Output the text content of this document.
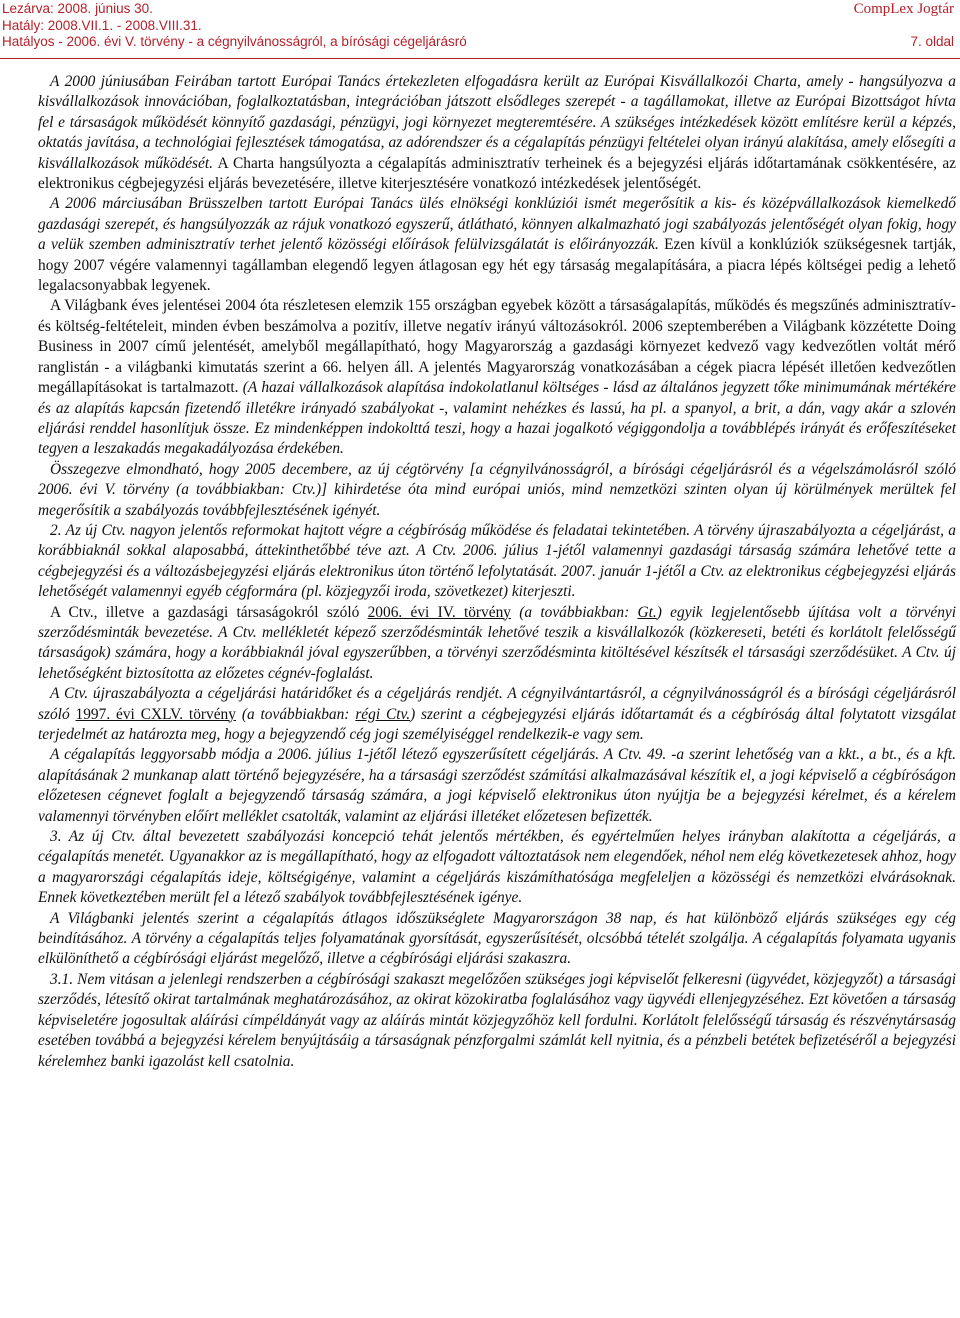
Lezárva: 2008. június 30.
Hatály: 2008.VII.1. - 2008.VIII.31.
Hatályos - 2006. évi V. törvény - a cégnyilvánosságról, a bírósági cégeljárásró
CompLex Jogtár
7. oldal

A 2000 júniusában Feirában tartott Európai Tanács értekezleten elfogadásra került az Európai Kisvállalkozói Charta, amely - hangsúlyozva a kisvállalkozások innovációban, foglalkoztatásban, integrációban játszott elsődleges szerepét - a tagállamokat, illetve az Európai Bizottságot hívta fel e társaságok működését könnyítő gazdasági, pénzügyi, jogi környezet megteremtésére. A szükséges intézkedések között említésre kerül a képzés, oktatás javítása, a technológiai fejlesztések támogatása, az adórendszer és a cégalapítás pénzügyi feltételei olyan irányú alakítása, amely elősegíti a kisvállalkozások működését. A Charta hangsúlyozta a cégalapítás adminisztratív terheinek és a bejegyzési eljárás időtartamának csökkentésére, az elektronikus cégbejegyzési eljárás bevezetésére, illetve kiterjesztésére vonatkozó intézkedések jelentőségét.

A 2006 márciusában Brüsszelben tartott Európai Tanács ülés elnökségi konklúziói ismét megerősítik a kis- és középvállalkozások kiemelkedő gazdasági szerepét, és hangsúlyozzák az rájuk vonatkozó egyszerű, átlátható, könnyen alkalmazható jogi szabályozás jelentőségét olyan fokig, hogy a velük szemben adminisztratív terhet jelentő közösségi előírások felülvizsgálatát is előirányozzák. Ezen kívül a konklúziók szükségesnek tartják, hogy 2007 végére valamennyi tagállamban elegendő legyen átlagosan egy hét egy társaság megalapítására, a piacra lépés költségei pedig a lehető legalacsonyabbak legyenek.

A Világbank éves jelentései 2004 óta részletesen elemzik 155 országban egyebek között a társaságalapítás, működés és megszűnés adminisztratív- és költség-feltételeit, minden évben beszámolva a pozitív, illetve negatív irányú változásokról. 2006 szeptemberében a Világbank közzétette Doing Business in 2007 című jelentését, amelyből megállapítható, hogy Magyarország a gazdasági környezet kedvező vagy kedvezőtlen voltát mérő ranglistán - a világbanki kimutatás szerint a 66. helyen áll. A jelentés Magyarország vonatkozásában a cégek piacra lépését illetően kedvezőtlen megállapításokat is tartalmazott. (A hazai vállalkozások alapítása indokolatlanul költséges - lásd az általános jegyzett tőke minimumának mértékére és az alapítás kapcsán fizetendő illetékre irányadó szabályokat -, valamint nehézkes és lassú, ha pl. a spanyol, a brit, a dán, vagy akár a szlovén eljárási renddel hasonlítjuk össze. Ez mindenképpen indokolttá teszi, hogy a hazai jogalkotó végiggondolja a továbblépés irányát és erőfeszítéseket tegyen a leszakadás megakadályozása érdekében.

Összegezve elmondható, hogy 2005 decembere, az új cégtörvény [a cégnyilvánosságról, a bírósági cégeljárásról és a végelszámolásról szóló 2006. évi V. törvény (a továbbiakban: Ctv.)] kihirdetése óta mind európai uniós, mind nemzetközi szinten olyan új körülmények merültek fel megerősítik a szabályozás továbbfejlesztésének igényét.

2. Az új Ctv. nagyon jelentős reformokat hajtott végre a cégbíróság működése és feladatai tekintetében. A törvény újraszabályozta a cégeljárást, a korábbiaknál sokkal alaposabbá, áttekinthetőbbé téve azt. A Ctv. 2006. július 1-jétől valamennyi gazdasági társaság számára lehetővé tette a cégbejegyzési és a változásbejegyzési eljárás elektronikus úton történő lefolytatását. 2007. január 1-jétől a Ctv. az elektronikus cégbejegyzési eljárás lehetőségét valamennyi egyéb cégformára (pl. közjegyzői iroda, szövetkezet) kiterjeszti.

A Ctv., illetve a gazdasági társaságokról szóló 2006. évi IV. törvény (a továbbiakban: Gt.) egyik legjelentősebb újítása volt a törvényi szerződésminták bevezetése. A Ctv. mellékletét képező szerződésminták lehetővé teszik a kisvállalkozók (közkereseti, betéti és korlátolt felelősségű társaságok) számára, hogy a korábbiaknál jóval egyszerűbben, a törvényi szerződésminta kitöltésével készítsék el társasági szerződésüket. A Ctv. új lehetőségként biztosította az előzetes cégnév-foglalást.

A Ctv. újraszabályozta a cégeljárási határidőket és a cégeljárás rendjét. A cégnyilvántartásról, a cégnyilvánosságról és a bírósági cégeljárásról szóló 1997. évi CXLV. törvény (a továbbiakban: régi Ctv.) szerint a cégbejegyzési eljárás időtartamát és a cégbíróság által folytatott vizsgálat terjedelmét az határozta meg, hogy a bejegyzendő cég jogi személyiséggel rendelkezik-e vagy sem.

A cégalapítás leggyorsabb módja a 2006. július 1-jétől létező egyszerűsített cégeljárás. A Ctv. 49. -a szerint lehetőség van a kkt., a bt., és a kft. alapításának 2 munkanap alatt történő bejegyzésére, ha a társasági szerződést számítási alkalmazásával készítik el, a jogi képviselő a cégbíróságon előzetesen cégnevet foglalt a bejegyzendő társaság számára, a jogi képviselő elektronikus úton nyújtja be a bejegyzési kérelmet, és a kérelem valamennyi törvényben előírt melléklet csatolták, valamint az eljárási illetéket előzetesen befizették.

3. Az új Ctv. által bevezetett szabályozási koncepció tehát jelentős mértékben, és egyértelműen helyes irányban alakította a cégeljárás, a cégalapítás menetét. Ugyanakkor az is megállapítható, hogy az elfogadott változtatások nem elegendőek, néhol nem elég következetesek ahhoz, hogy a magyarországi cégalapítás ideje, költségigénye, valamint a cégeljárás kiszámíthatósága megfeleljen a közösségi és nemzetközi elvárásoknak. Ennek következtében merült fel a létező szabályok továbbfejlesztésének igénye.

A Világbanki jelentés szerint a cégalapítás átlagos időszükséglete Magyarországon 38 nap, és hat különböző eljárás szükséges egy cég beindításához. A törvény a cégalapítás teljes folyamatának gyorsítását, egyszerűsítését, olcsóbbá tételét szolgálja. A cégalapítás folyamata ugyanis elkülöníthető a cégbírósági eljárást megelőző, illetve a cégbírósági eljárási szakaszra.

3.1. Nem vitásan a jelenlegi rendszerben a cégbírósági szakaszt megelőzően szükséges jogi képviselőt felkeresni (ügyvédet, közjegyzőt) a társasági szerződés, létesítő okirat tartalmának meghatározásához, az okirat közokiratba foglalásához vagy ügyvédi ellenjegyzéséhez. Ezt követően a társaság képviseletére jogosultak aláírási címpéldányát vagy az aláírás mintát közjegyzőhöz kell fordulni. Korlátolt felelősségű társaság és részvénytársaság esetében továbbá a bejegyzési kérelem benyújtásáig a társaságnak pénzforgalmi számlát kell nyitnia, és a pénzbeli betétek befizetéséről a bejegyzési kérelemhez banki igazolást kell csatolnia.
